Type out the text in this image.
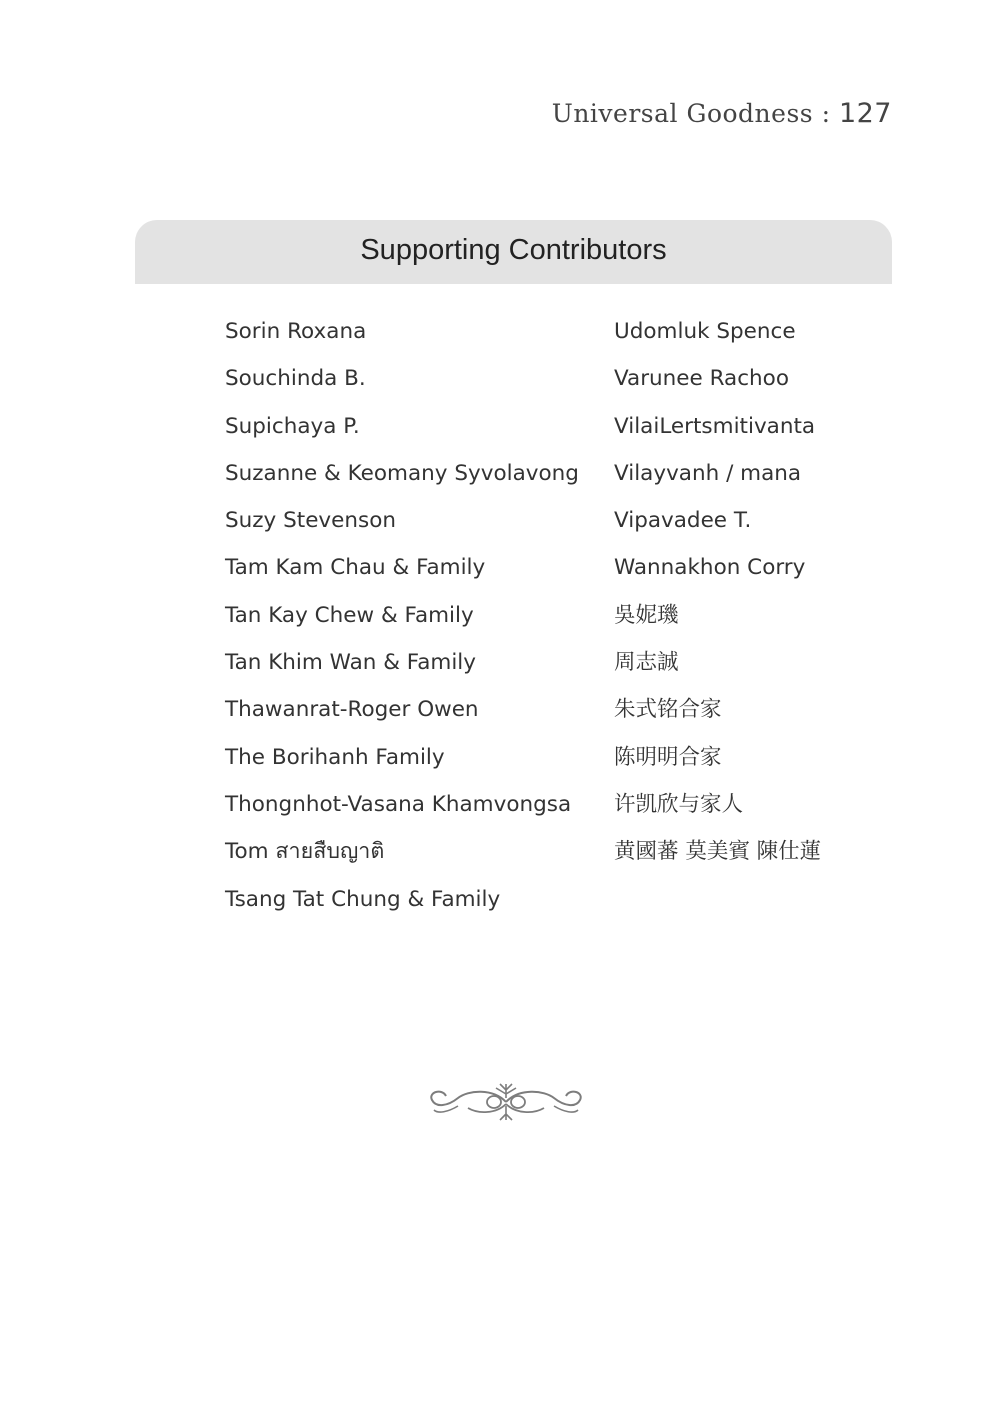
Universal Goodness : 127
Supporting Contributors
Sorin Roxana
Souchinda B.
Supichaya P.
Suzanne & Keomany Syvolavong
Suzy Stevenson
Tam Kam Chau & Family
Tan Kay Chew & Family
Tan Khim Wan & Family
Thawanrat-Roger Owen
The Borihanh Family
Thongnhot-Vasana Khamvongsa
Tom สายสืบญาติ
Tsang Tat Chung & Family
Udomluk Spence
Varunee Rachoo
VilaiLertsmitivanta
Vilayvanh / mana
Vipavadee T.
Wannakhon Corry
吳妮璣
周志誠
朱式铭合家
陈明明合家
许凯欣与家人
黄國蕃 莫美賓 陳仕蓮
